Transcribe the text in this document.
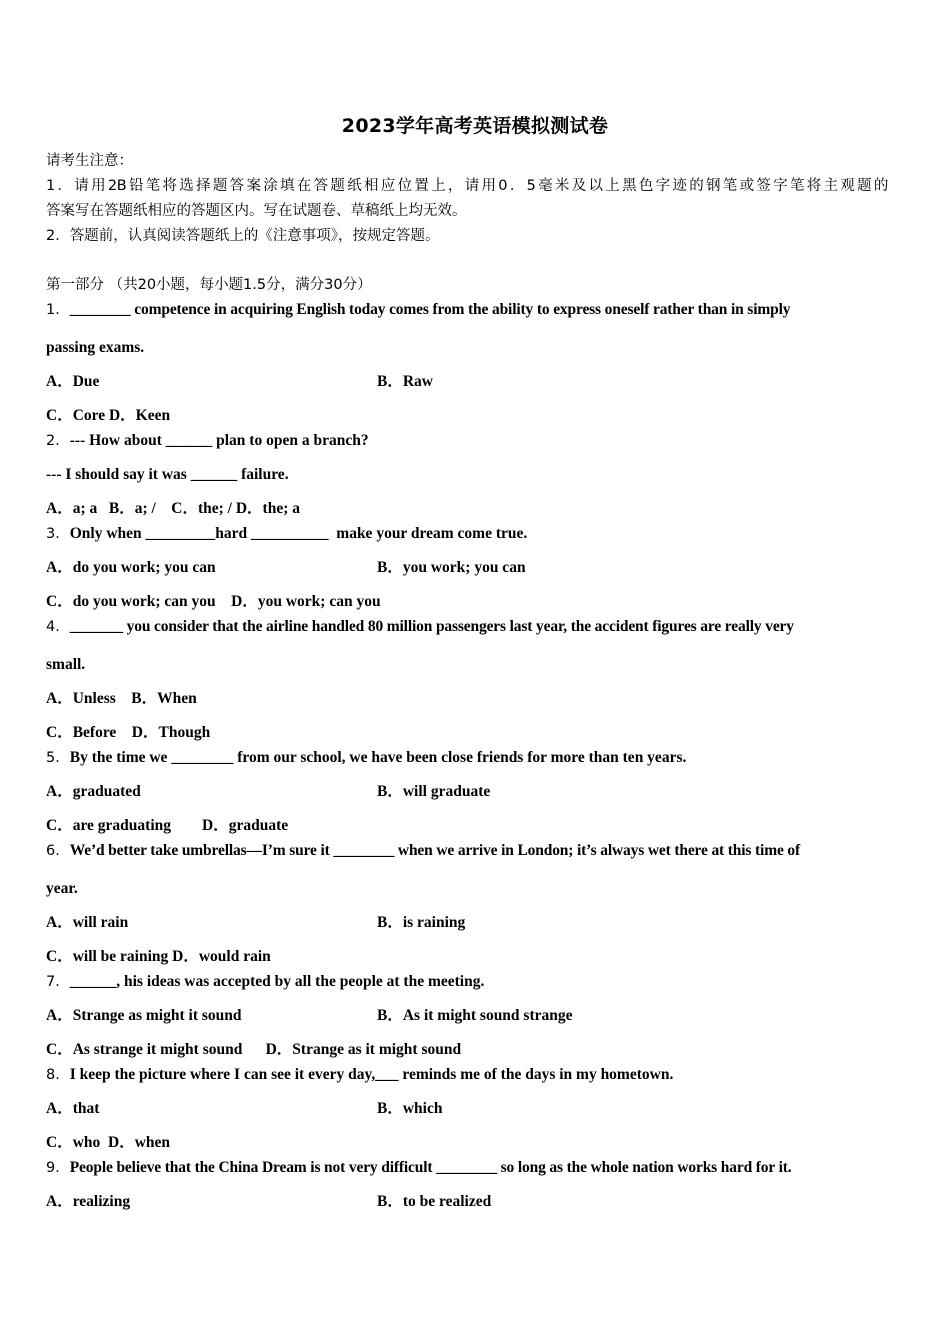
2023学年高考英语模拟测试卷
请考生注意：
1．请用2B铅笔将选择题答案涂填在答题纸相应位置上，请用0．5毫米及以上黑色字迹的钢笔或签字笔将主观题的
答案写在答题纸相应的答题区内。写在试题卷、草稿纸上均无效。
2．答题前，认真阅读答题纸上的《注意事项》，按规定答题。
第一部分 （共20小题，每小题1.5分，满分30分）
1．________ competence in acquiring English today comes from the ability to express oneself rather than in simply
passing exams.
A．Due	B．Raw
C．Core D．Keen
2．--- How about ______ plan to open a branch?
--- I should say it was ______ failure.
A．a; a   B．a; /    C．the; / D．the; a
3．Only when _________hard __________  make your dream come true.
A．do you work; you can	B．you work; you can
C．do you work; can you    D．you work; can you
4．_______ you consider that the airline handled 80 million passengers last year, the accident figures are really very
small.
A．Unless    B．When
C．Before    D．Though
5．By the time we ________ from our school, we have been close friends for more than ten years.
A．graduated	B．will graduate
C．are graduating        D．graduate
6．We’d better take umbrellas—I’m sure it ________ when we arrive in London; it’s always wet there at this time of
year.
A．will rain	B．is raining
C．will be raining D．would rain
7．______, his ideas was accepted by all the people at the meeting.
A．Strange as might it sound	B．As it might sound strange
C．As strange it might sound      D．Strange as it might sound
8．I keep the picture where I can see it every day,___ reminds me of the days in my hometown.
A．that	B．which
C．who  D．when
9．People believe that the China Dream is not very difficult ________ so long as the whole nation works hard for it.
A．realizing	B．to be realized
